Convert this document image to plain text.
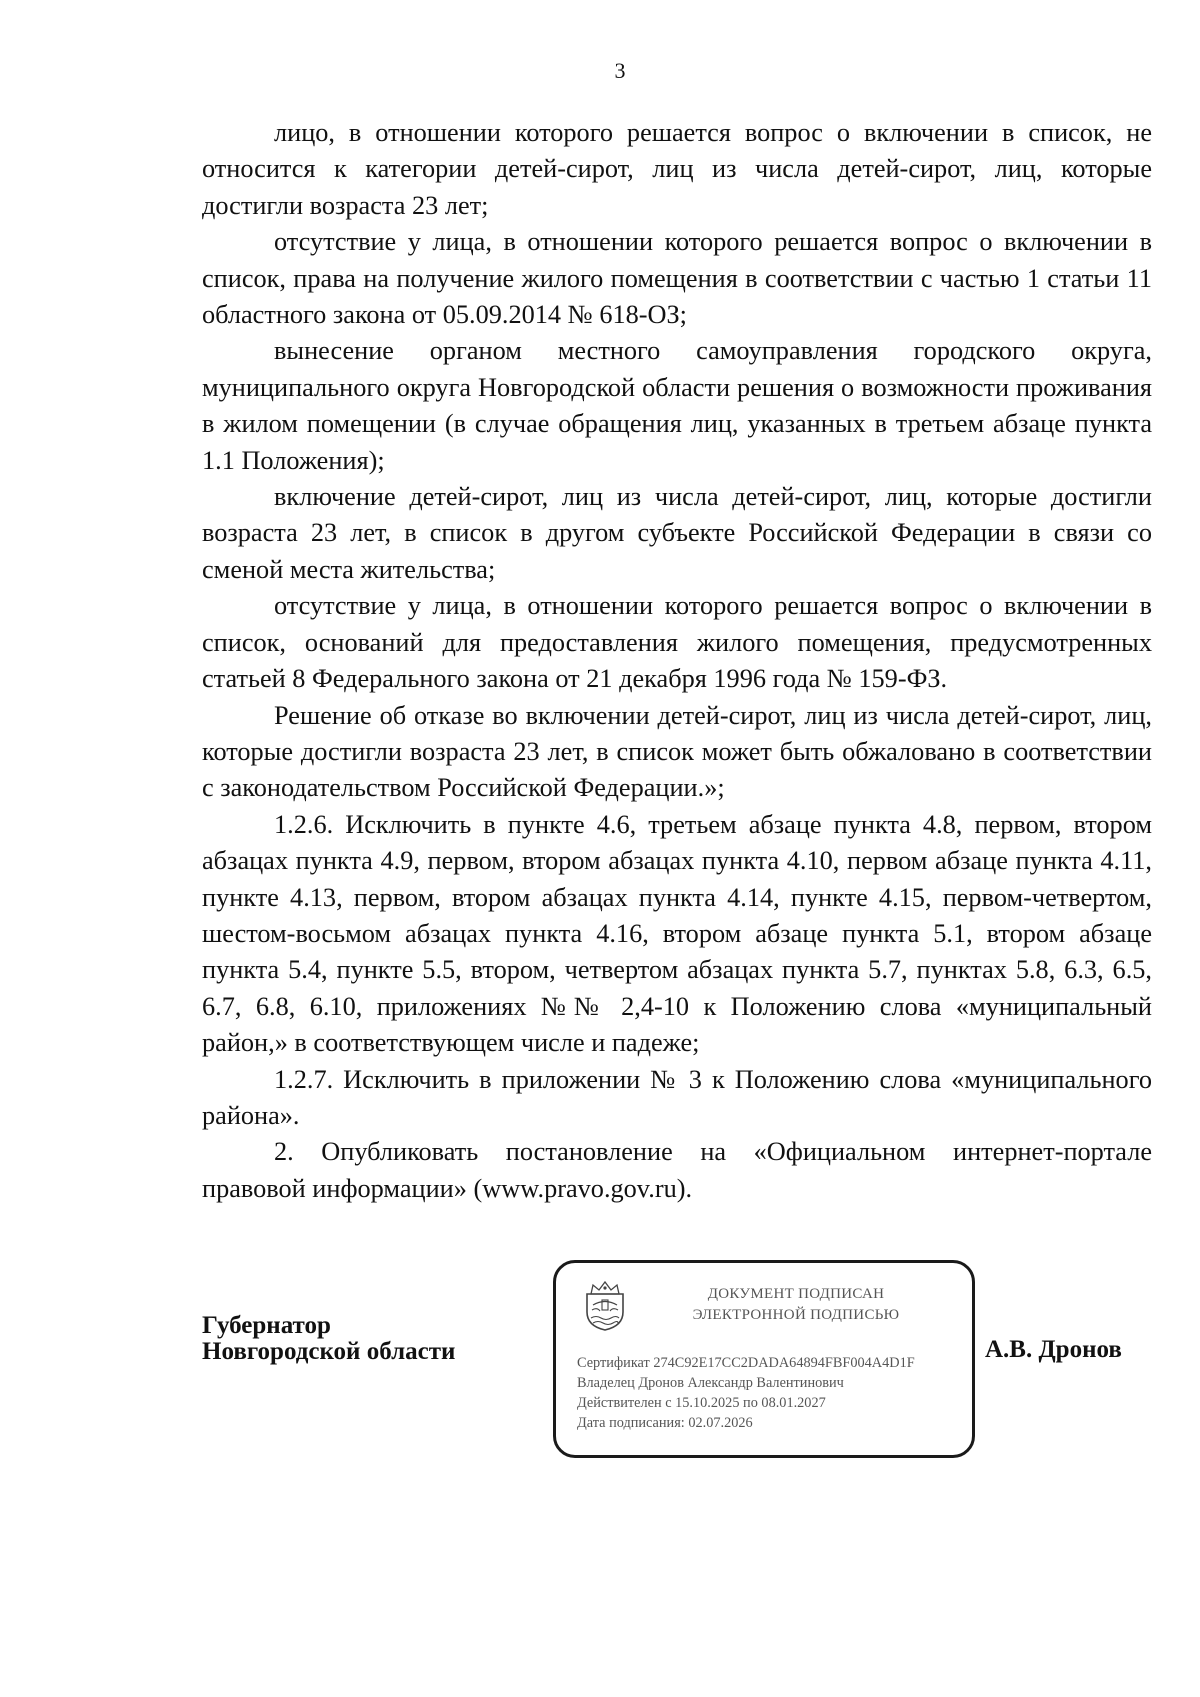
3

лицо, в отношении которого решается вопрос о включении в список, не относится к категории детей-сирот, лиц из числа детей-сирот, лиц, которые достигли возраста 23 лет;

отсутствие у лица, в отношении которого решается вопрос о включении в список, права на получение жилого помещения в соответствии с частью 1 статьи 11 областного закона от 05.09.2014 № 618-ОЗ;

вынесение органом местного самоуправления городского округа, муниципального округа Новгородской области решения о возможности проживания в жилом помещении (в случае обращения лиц, указанных в третьем абзаце пункта 1.1 Положения);

включение детей-сирот, лиц из числа детей-сирот, лиц, которые достигли возраста 23 лет, в список в другом субъекте Российской Федерации в связи со сменой места жительства;

отсутствие у лица, в отношении которого решается вопрос о включении в список, оснований для предоставления жилого помещения, предусмотренных статьей 8 Федерального закона от 21 декабря 1996 года № 159-ФЗ.

Решение об отказе во включении детей-сирот, лиц из числа детей-сирот, лиц, которые достигли возраста 23 лет, в список может быть обжаловано в соответствии с законодательством Российской Федерации.»;

1.2.6. Исключить в пункте 4.6, третьем абзаце пункта 4.8, первом, втором абзацах пункта 4.9, первом, втором абзацах пункта 4.10, первом абзаце пункта 4.11, пункте 4.13, первом, втором абзацах пункта 4.14, пункте 4.15, первом-четвертом, шестом-восьмом абзацах пункта 4.16, втором абзаце пункта 5.1, втором абзаце пункта 5.4, пункте 5.5, втором, четвертом абзацах пункта 5.7, пунктах 5.8, 6.3, 6.5, 6.7, 6.8, 6.10, приложениях №№ 2,4-10 к Положению слова «муниципальный район,» в соответствующем числе и падеже;

1.2.7. Исключить в приложении № 3 к Положению слова «муниципального района».

2. Опубликовать постановление на «Официальном интернет-портале правовой информации» (www.pravo.gov.ru).

Губернатор
Новгородской области
ДОКУМЕНТ ПОДПИСАН
ЭЛЕКТРОННОЙ ПОДПИСЬЮ
Сертификат 274C92E17CC2DADA64894FBF004A4D1F
Владелец Дронов Александр Валентинович
Действителен с 15.10.2025 по 08.01.2027
Дата подписания: 02.07.2026
А.В. Дронов
